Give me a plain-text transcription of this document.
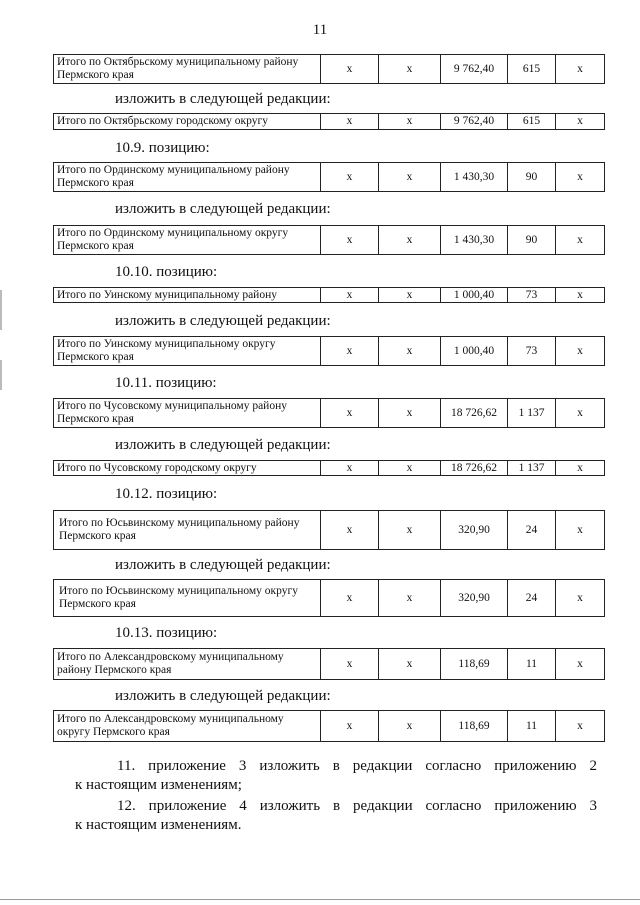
11
Итого по Октябрьскому муниципальному району Пермского края	x	x	9 762,40	615	x
изложить в следующей редакции:
Итого по Октябрьскому городскому округу	x	x	9 762,40	615	x
10.9. позицию:
Итого по Ординскому муниципальному району Пермского края	x	x	1 430,30	90	x
изложить в следующей редакции:
Итого по Ординскому муниципальному округу Пермского края	x	x	1 430,30	90	x
10.10. позицию:
Итого по Уинскому муниципальному району	x	x	1 000,40	73	x
изложить в следующей редакции:
Итого по Уинскому муниципальному округу Пермского края	x	x	1 000,40	73	x
10.11. позицию:
Итого по Чусовскому муниципальному району Пермского края	x	x	18 726,62	1 137	x
изложить в следующей редакции:
Итого по Чусовскому городскому округу	x	x	18 726,62	1 137	x
10.12. позицию:
Итого по Юсьвинскому муниципальному району Пермского края	x	x	320,90	24	x
изложить в следующей редакции:
Итого по Юсьвинскому муниципальному округу Пермского края	x	x	320,90	24	x
10.13. позицию:
Итого по Александровскому муниципальному району Пермского края	x	x	118,69	11	x
изложить в следующей редакции:
Итого по Александровскому муниципальному округу Пермского края	x	x	118,69	11	x
11. приложение 3 изложить в редакции согласно приложению 2
к настоящим изменениям;
12. приложение 4 изложить в редакции согласно приложению 3
к настоящим изменениям.
